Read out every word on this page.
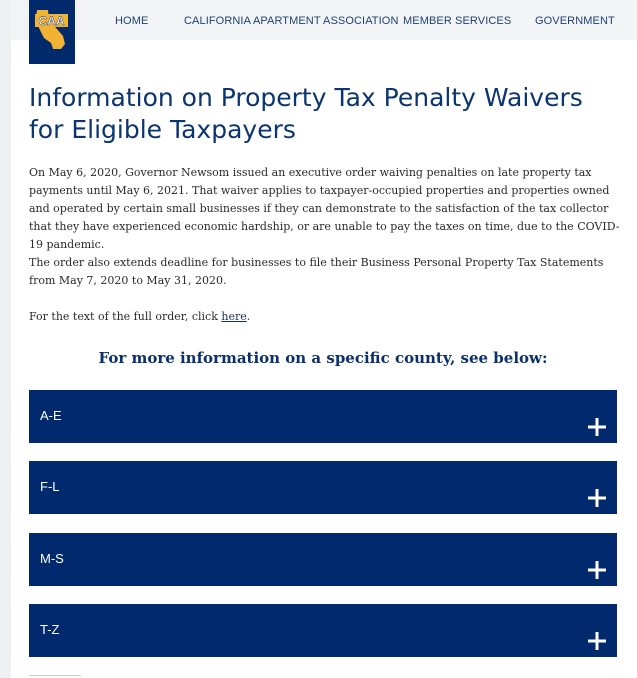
CAA	HOME	CALIFORNIA APARTMENT ASSOCIATION MEMBER SERVICES GOVERNMENT
Information on Property Tax Penalty Waivers for Eligible Taxpayers

On May 6, 2020, Governor Newsom issued an executive order waiving penalties on late property tax payments until May 6, 2021. That waiver applies to taxpayer-occupied properties and properties owned and operated by certain small businesses if they can demonstrate to the satisfaction of the tax collector that they have experienced economic hardship, or are unable to pay the taxes on time, due to the COVID-19 pandemic.

The order also extends deadline for businesses to file their Business Personal Property Tax Statements from May 7, 2020 to May 31, 2020.

For the text of the full order, click here.

For more information on a specific county, see below:
A-E
F-L
M-S
T-Z
